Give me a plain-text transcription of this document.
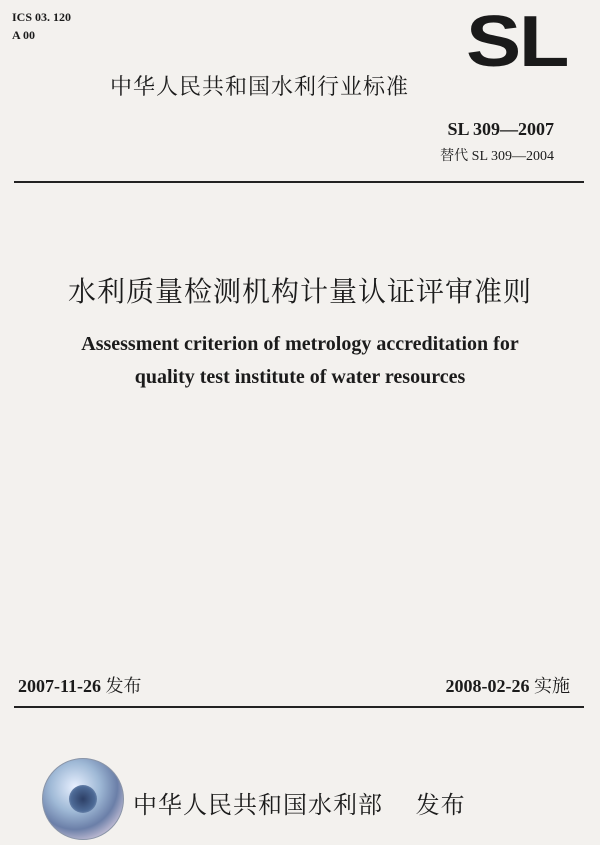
ICS 03. 120
A 00	SL
中华人民共和国水利行业标准
SL 309—2007
替代 SL 309—2004
水利质量检测机构计量认证评审准则
Assessment criterion of metrology accreditation for
quality test institute of water resources
2007-11-26 发布	2008-02-26 实施
中华人民共和国水利部 发布
